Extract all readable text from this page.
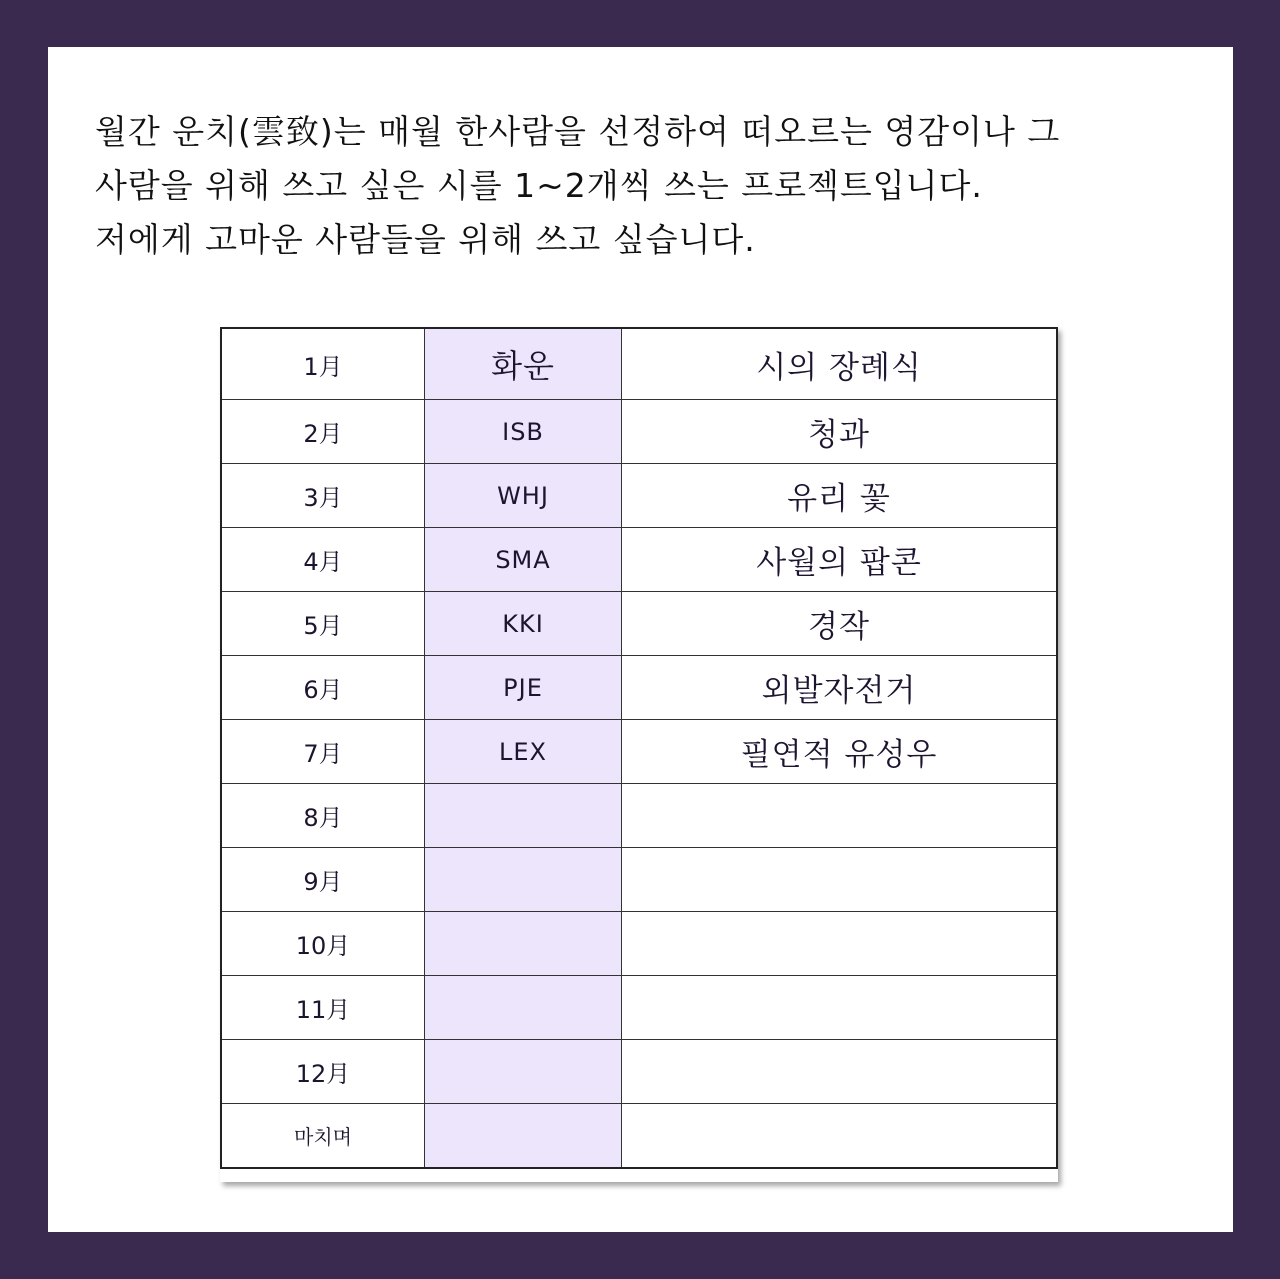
월간 운치(雲致)는 매월 한사람을 선정하여 떠오르는 영감이나 그
사람을 위해 쓰고 싶은 시를 1~2개씩 쓰는 프로젝트입니다.
저에게 고마운 사람들을 위해 쓰고 싶습니다.
1月	화운	시의 장례식
2月	ISB	청과
3月	WHJ	유리 꽃
4月	SMA	사월의 팝콘
5月	KKI	경작
6月	PJE	외발자전거
7月	LEX	필연적 유성우
8月		
9月		
10月		
11月		
12月		
마치며		
